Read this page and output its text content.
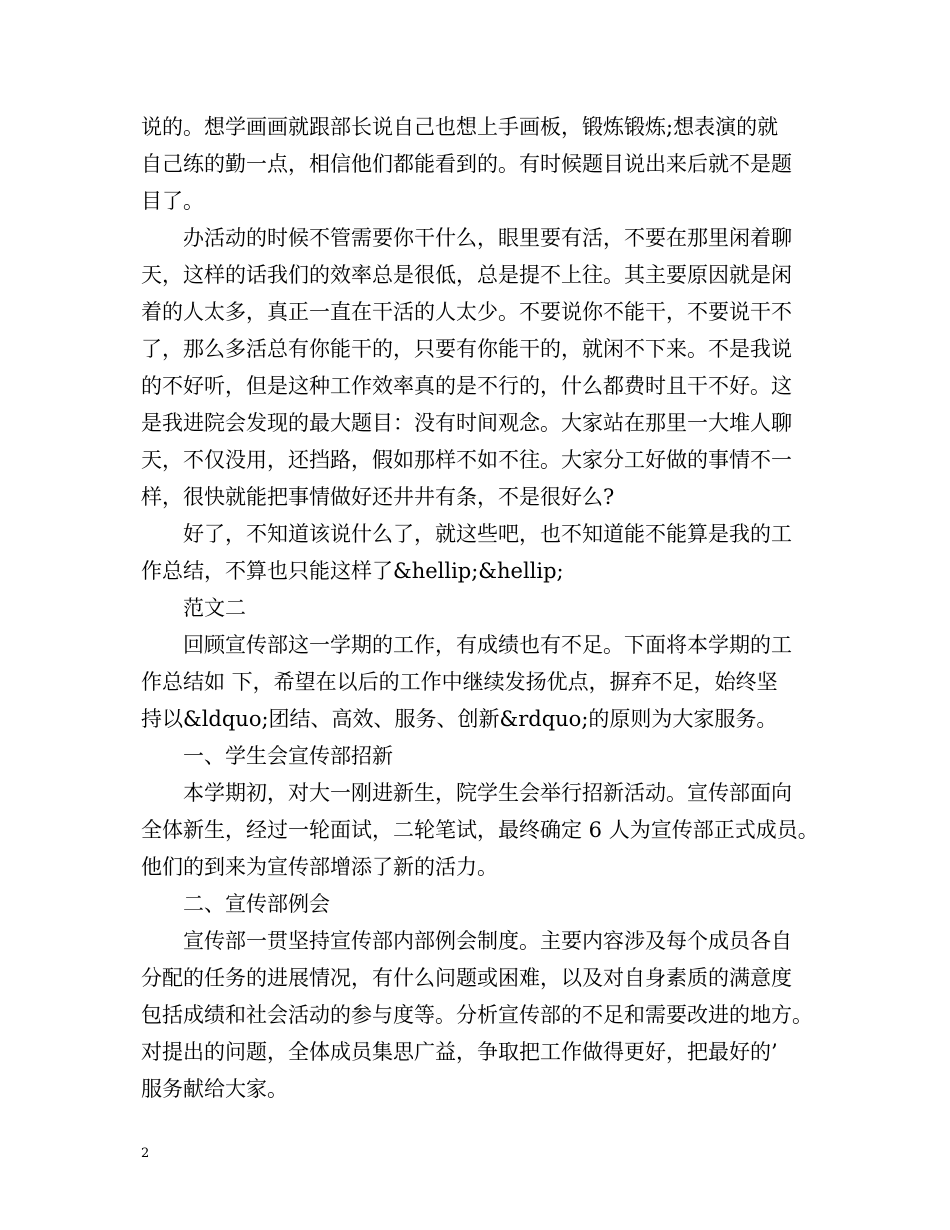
说的。想学画画就跟部长说自己也想上手画板，锻炼锻炼;想表演的就
自己练的勤一点，相信他们都能看到的。有时候题目说出来后就不是题
目了。
办活动的时候不管需要你干什么，眼里要有活，不要在那里闲着聊
天，这样的话我们的效率总是很低，总是提不上往。其主要原因就是闲
着的人太多，真正一直在干活的人太少。不要说你不能干，不要说干不
了，那么多活总有你能干的，只要有你能干的，就闲不下来。不是我说
的不好听，但是这种工作效率真的是不行的，什么都费时且干不好。这
是我进院会发现的最大题目：没有时间观念。大家站在那里一大堆人聊
天，不仅没用，还挡路，假如那样不如不往。大家分工好做的事情不一
样，很快就能把事情做好还井井有条，不是很好么?
好了，不知道该说什么了，就这些吧，也不知道能不能算是我的工
作总结，不算也只能这样了&hellip;&hellip;
范文二
回顾宣传部这一学期的工作，有成绩也有不足。下面将本学期的工
作总结如 下，希望在以后的工作中继续发扬优点，摒弃不足，始终坚
持以&ldquo;团结、高效、服务、创新&rdquo;的原则为大家服务。
一、学生会宣传部招新
本学期初，对大一刚进新生，院学生会举行招新活动。宣传部面向
全体新生，经过一轮面试，二轮笔试，最终确定 6 人为宣传部正式成员。
他们的到来为宣传部增添了新的活力。
二、宣传部例会
宣传部一贯坚持宣传部内部例会制度。主要内容涉及每个成员各自
分配的任务的进展情况，有什么问题或困难，以及对自身素质的满意度
包括成绩和社会活动的参与度等。分析宣传部的不足和需要改进的地方。
对提出的问题，全体成员集思广益，争取把工作做得更好，把最好的’
服务献给大家。
2
